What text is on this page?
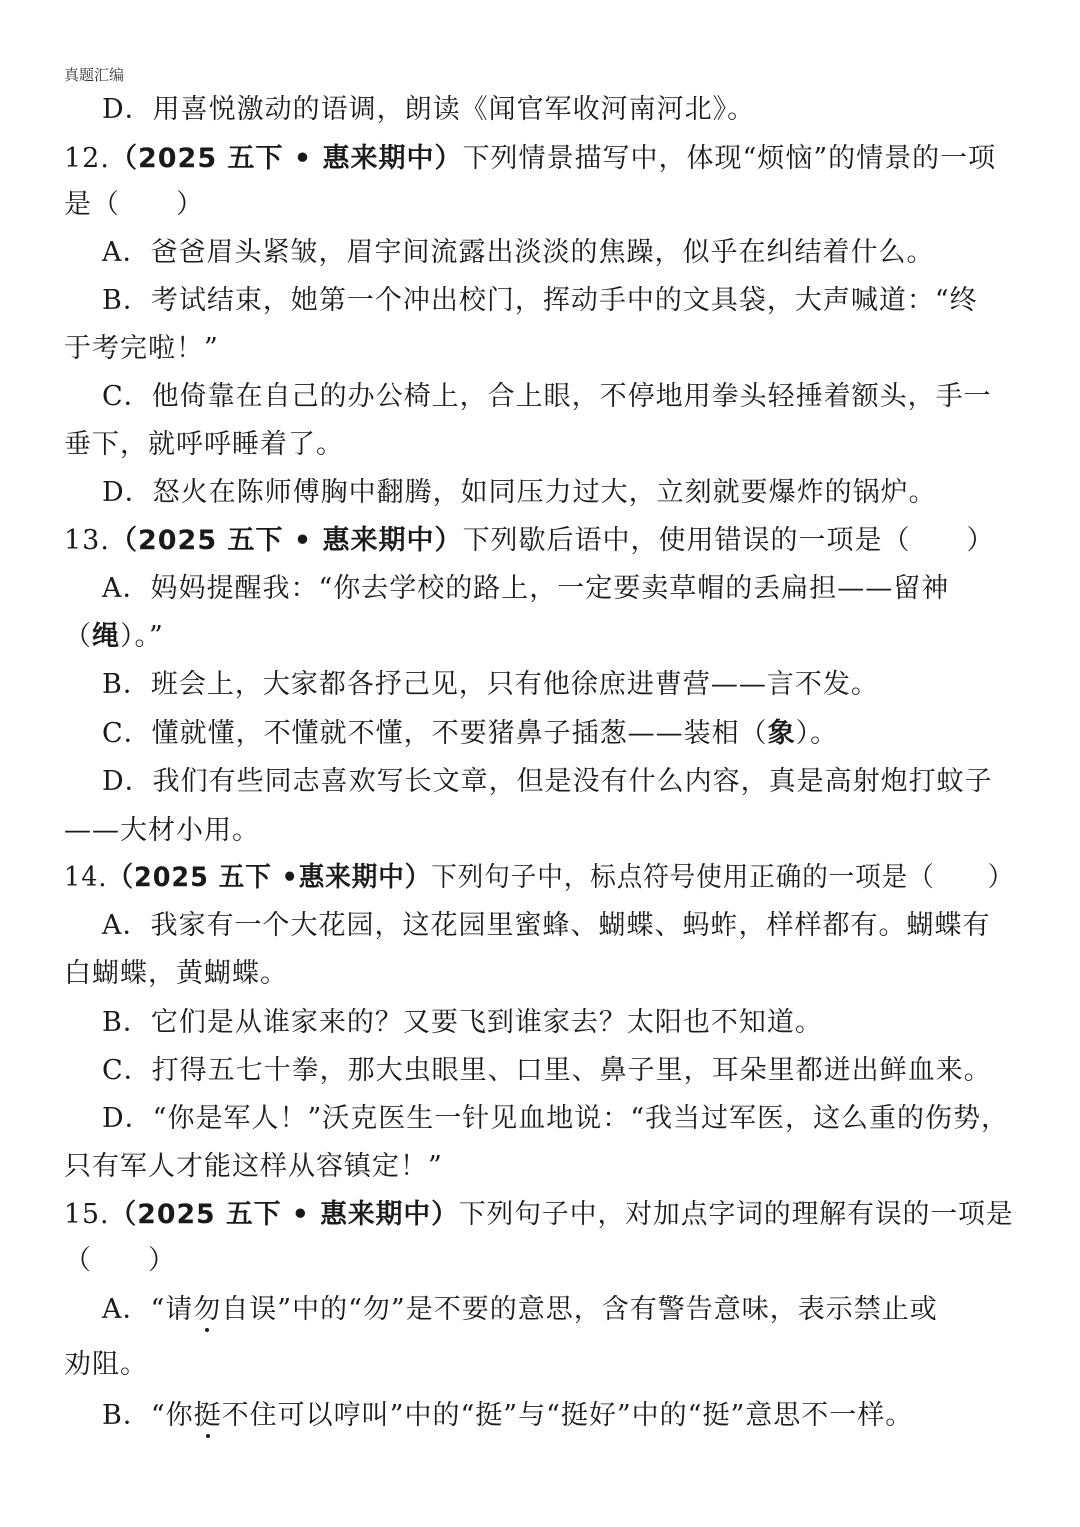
真题汇编
D．用喜悦激动的语调，朗读《闻官军收河南河北》。
12.（2025 五下 • 惠来期中）下列情景描写中，体现“烦恼”的情景的一项
是（　　）
A．爸爸眉头紧皱，眉宇间流露出淡淡的焦躁，似乎在纠结着什么。
B．考试结束，她第一个冲出校门，挥动手中的文具袋，大声喊道：“终
于考完啦！”
C．他倚靠在自己的办公椅上，合上眼，不停地用拳头轻捶着额头，手一
垂下，就呼呼睡着了。
D．怒火在陈师傅胸中翻腾，如同压力过大，立刻就要爆炸的锅炉。
13.（2025 五下 • 惠来期中）下列歇后语中，使用错误的一项是（　　）
A．妈妈提醒我：“你去学校的路上，一定要卖草帽的丢扁担——留神
（绳）。”
B．班会上，大家都各抒己见，只有他徐庶进曹营——言不发。
C．懂就懂，不懂就不懂，不要猪鼻子插葱——装相（象）。
D．我们有些同志喜欢写长文章，但是没有什么内容，真是高射炮打蚊子
——大材小用。
14.（2025 五下 •惠来期中）下列句子中，标点符号使用正确的一项是（　　）
A．我家有一个大花园，这花园里蜜蜂、蝴蝶、蚂蚱，样样都有。蝴蝶有
白蝴蝶，黄蝴蝶。
B．它们是从谁家来的？又要飞到谁家去？太阳也不知道。
C．打得五七十拳，那大虫眼里、口里、鼻子里，耳朵里都迸出鲜血来。
D．“你是军人！”沃克医生一针见血地说：“我当过军医，这么重的伤势，
只有军人才能这样从容镇定！”
15.（2025 五下 • 惠来期中）下列句子中，对加点字词的理解有误的一项是
（　　）
A．“请勿自误”中的“勿”是不要的意思，含有警告意味，表示禁止或
劝阻。
B．“你挺不住可以哼叫”中的“挺”与“挺好”中的“挺”意思不一样。
